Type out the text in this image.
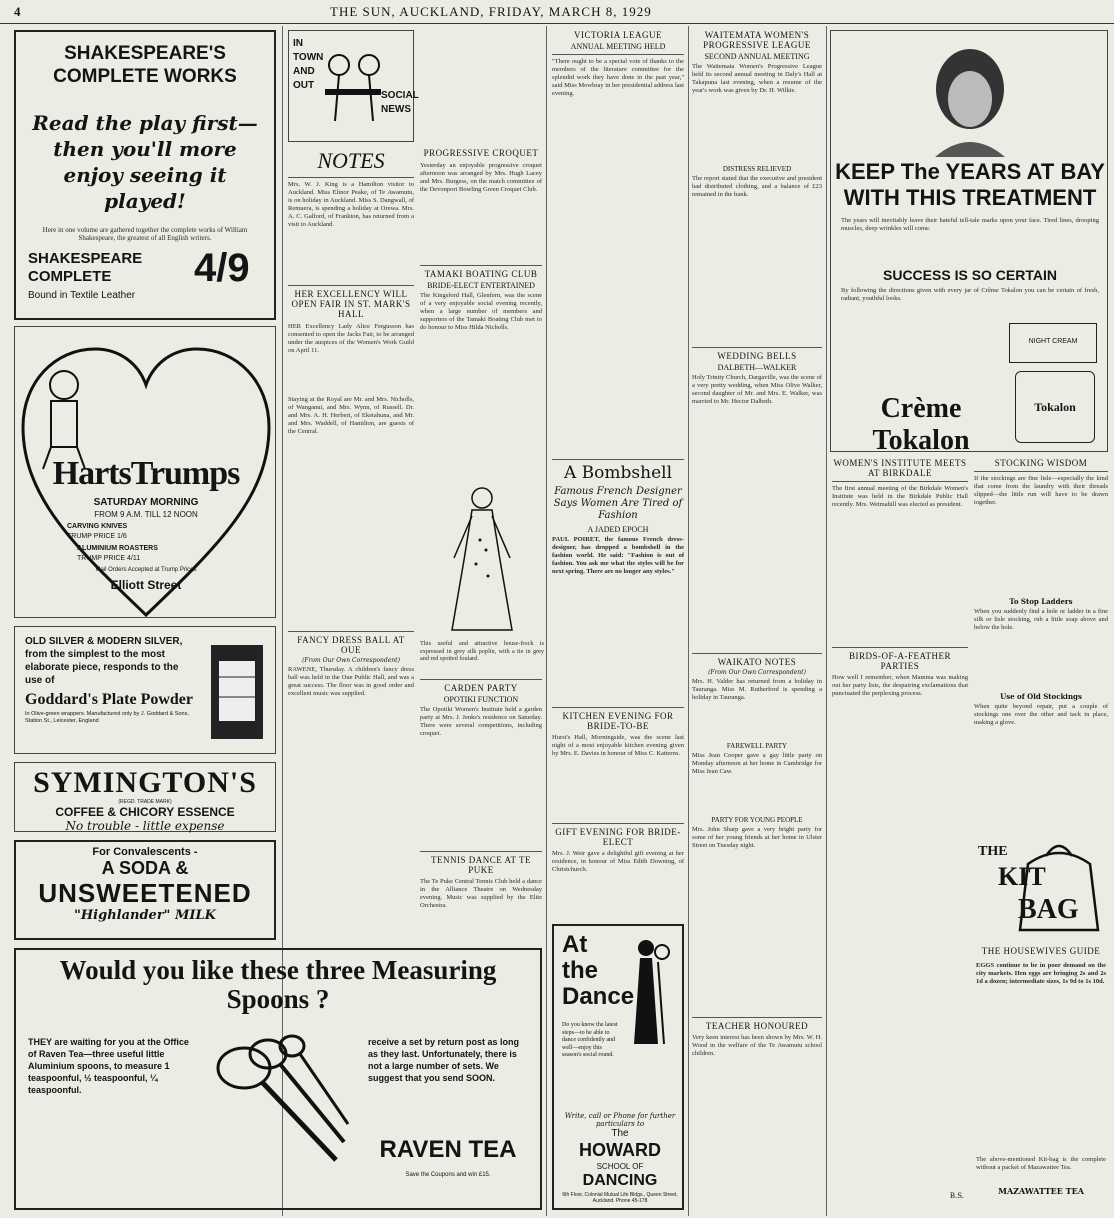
4	THE SUN, AUCKLAND, FRIDAY, MARCH 8, 1929
SHAKESPEARE'S COMPLETE WORKS
Read the play first— then you'll more enjoy seeing it played!
Here in one volume are gathered together the complete works of William Shakespeare, the greatest of all English writers.
SHAKESPEARE COMPLETE
Bound in Textile Leather
4/9
HartsTrumps
SATURDAY MORNING
FROM 9 A.M. TILL 12 NOON
CARVING KNIVES
TRUMP PRICE 1/6
ALUMINIUM ROASTERS
TRUMP PRICE 4/11
Mail Orders Accepted at Trump Prices
Elliott Street
OLD SILVER & MODERN SILVER, from the simplest to the most elaborate piece, responds to the use of
Goddard's Plate Powder
In Olive-green wrappers. Manufactured only by J. Goddard & Sons, Station St., Leicester, England
SYMINGTON'S
(REGD. TRADE MARK)
COFFEE & CHICORY ESSENCE
No trouble - little expense
For Convalescents -
A SODA &
UNSWEETENED
"Highlander" MILK
Would you like these three Measuring Spoons ?
THEY are waiting for you at the Office of Raven Tea—three useful little Aluminium spoons, to measure 1 teaspoonful, ½ teaspoonful, ¼ teaspoonful.
receive a set by return post as long as they last. Unfortunately, there is not a large number of sets. We suggest that you send SOON.
RAVEN TEA
Save the Coupons and win £15.
IN TOWN AND OUT
SOCIAL NEWS
NOTES
Mrs. W. J. King is a Hamilton visitor to Auckland. Miss Elinor Peake, of Te Awamutu, is on holiday in Auckland. Miss S. Dangwall, of Remuera, is spending a holiday at Orewa. Mrs. A. C. Galford, of Frankton, has returned from a visit to Auckland.
HER EXCELLENCY WILL OPEN FAIR IN ST. MARK'S HALL
HER Excellency Lady Alice Fergusson has consented to open the Jacks Fair, to be arranged under the auspices of the Women's Work Guild on April 11.
Staying at the Royal are Mr. and Mrs. Nicholls, of Wanganui, and Mrs. Wynn, of Russell. Dr. and Mrs. A. H. Herbert, of Eketahuna, and Mr. and Mrs. Waddell, of Hamilton, are guests of the Central.
FANCY DRESS BALL AT OUE
(From Our Own Correspondent)
RAWENE, Thursday. A children's fancy dress ball was held in the Oue Public Hall, and was a great success. The floor was in good order and excellent music was supplied.
PROGRESSIVE CROQUET
Yesterday an enjoyable progressive croquet afternoon was arranged by Mrs. Hugh Lacey and Mrs. Burgess, on the match committee of the Devonport Bowling Green Croquet Club.
TAMAKI BOATING CLUB
BRIDE-ELECT ENTERTAINED
The Kingsford Hall, Glenfern, was the scene of a very enjoyable social evening recently, when a large number of members and supporters of the Tamaki Boating Club met to do honour to Miss Hilda Nicholls.
This useful and attractive house-frock is expressed in grey silk poplin, with a tie in grey and red spotted foulard.
CARDEN PARTY
OPOTIKI FUNCTION
The Opotiki Women's Institute held a garden party at Mrs. J. Jenks's residence on Saturday. There were several competitions, including croquet.
TENNIS DANCE AT TE PUKE
The Te Puke Central Tennis Club held a dance in the Alliance Theatre on Wednesday evening. Music was supplied by the Elite Orchestra.
VICTORIA LEAGUE
ANNUAL MEETING HELD
"There ought to be a special vote of thanks to the members of the literature committee for the splendid work they have done in the past year," said Miss Mowbray in her presidential address last evening.
A Bombshell
Famous French Designer Says Women Are Tired of Fashion
A JADED EPOCH
PAUL POIRET, the famous French dress-designer, has dropped a bombshell in the fashion world. He said: "Fashion is out of fashion. You ask me what the styles will be for next spring. There are no longer any styles."
KITCHEN EVENING FOR BRIDE-TO-BE
Hurst's Hall, Morningside, was the scene last night of a most enjoyable kitchen evening given by Mrs. E. Davies in honour of Miss C. Katterns.
GIFT EVENING FOR BRIDE-ELECT
Mrs. J. Weir gave a delightful gift evening at her residence, in honour of Miss Edith Downing, of Christchurch.
At the Dance
Do you know the latest steps—to be able to dance confidently and well—enjoy this season's social round.
Write, call or Phone for further particulars to
The
HOWARD
SCHOOL OF
DANCING
6th Floor, Colonial Mutual Life Bldgs., Queen Street, Auckland. Phone 45-178
WAITEMATA WOMEN'S PROGRESSIVE LEAGUE
SECOND ANNUAL MEETING
The Waitemata Women's Progressive League held its second annual meeting in Daly's Hall at Takapuna last evening, when a resume of the year's work was given by Dr. H. Wilkie.
DISTRESS RELIEVED
The report stated that the executive and president had distributed clothing, and a balance of £23 remained in the bank.
WEDDING BELLS
DALBETH—WALKER
Holy Trinity Church, Dargaville, was the scene of a very pretty wedding, when Miss Olive Walker, second daughter of Mr. and Mrs. E. Walker, was married to Mr. Hector Dalbeth.
WAIKATO NOTES
(From Our Own Correspondent)
Mrs. H. Valder has returned from a holiday in Tauranga. Miss M. Rutherford is spending a holiday in Tauranga.
FAREWELL PARTY
Miss Jean Cooper gave a gay little party on Monday afternoon at her home in Cambridge for Miss Jean Caw.
PARTY FOR YOUNG PEOPLE
Mrs. John Sharp gave a very bright party for some of her young friends at her home in Ulster Street on Tuesday night.
TEACHER HONOURED
Very keen interest has been shown by Mrs. W. H. Wood in the welfare of the Te Awamutu school children.
KEEP The YEARS AT BAY WITH THIS TREATMENT
The years will inevitably leave their hateful tell-tale marks upon your face. Tired lines, drooping muscles, deep wrinkles will come.
SUCCESS IS SO CERTAIN
By following the directions given with every jar of Crême Tokalon you can be certain of fresh, radiant, youthful looks.
Crème Tokalon
NIGHT CREAM
Tokalon
WOMEN'S INSTITUTE MEETS AT BIRKDALE
The first annual meeting of the Birkdale Women's Institute was held in the Birkdale Public Hall recently. Mrs. Wetmahill was elected as president.
BIRDS-OF-A-FEATHER PARTIES
How well I remember, when Mamma was making out her party lists, the despairing exclamations that punctuated the perplexing process.
B.S.
STOCKING WISDOM
If the stockings are fine lisle—especially the kind that come from the laundry with their threads slipped—the little run will have to be drawn together.
To Stop Ladders
When you suddenly find a hole or ladder in a fine silk or lisle stocking, rub a little soap above and below the hole.
Use of Old Stockings
When quite beyond repair, put a couple of stockings one over the other and tack in place, making a glove.
THE
KIT
BAG
THE HOUSEWIVES GUIDE
EGGS continue to be in poor demand on the city markets. Hen eggs are bringing 2s and 2s 1d a dozen; intermediate sizes, 1s 9d to 1s 10d.
The above-mentioned Kit-bag is the complete without a packet of Mazawattee Tea.
MAZAWATTEE TEA
